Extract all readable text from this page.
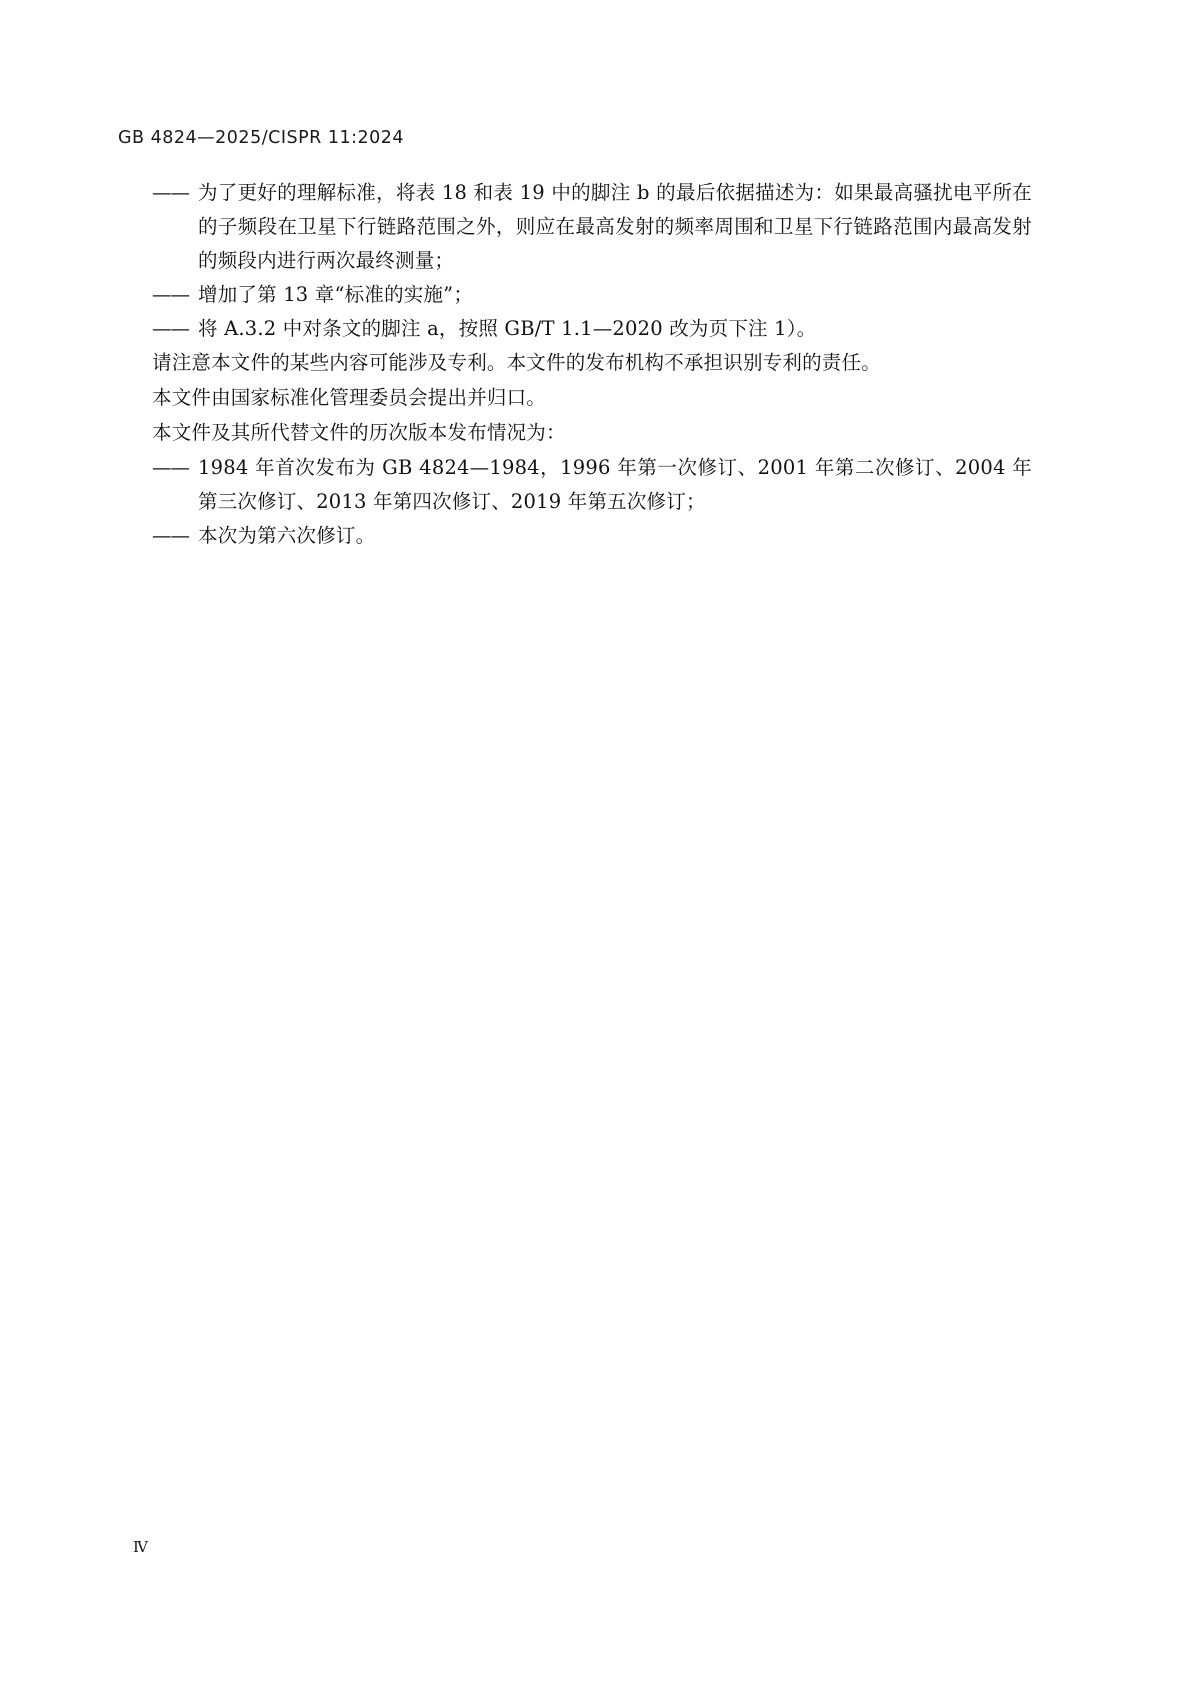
GB 4824—2025/CISPR 11:2024

—— 为了更好的理解标准，将表 18 和表 19 中的脚注 b 的最后依据描述为：如果最高骚扰电平所在的子频段在卫星下行链路范围之外，则应在最高发射的频率周围和卫星下行链路范围内最高发射的频段内进行两次最终测量；

—— 增加了第 13 章“标准的实施”；

—— 将 A.3.2 中对条文的脚注 a，按照 GB/T 1.1—2020 改为页下注 1）。

请注意本文件的某些内容可能涉及专利。本文件的发布机构不承担识别专利的责任。

本文件由国家标准化管理委员会提出并归口。

本文件及其所代替文件的历次版本发布情况为：

—— 1984 年首次发布为 GB 4824—1984，1996 年第一次修订、2001 年第二次修订、2004 年第三次修订、2013 年第四次修订、2019 年第五次修订；

—— 本次为第六次修订。

Ⅳ
